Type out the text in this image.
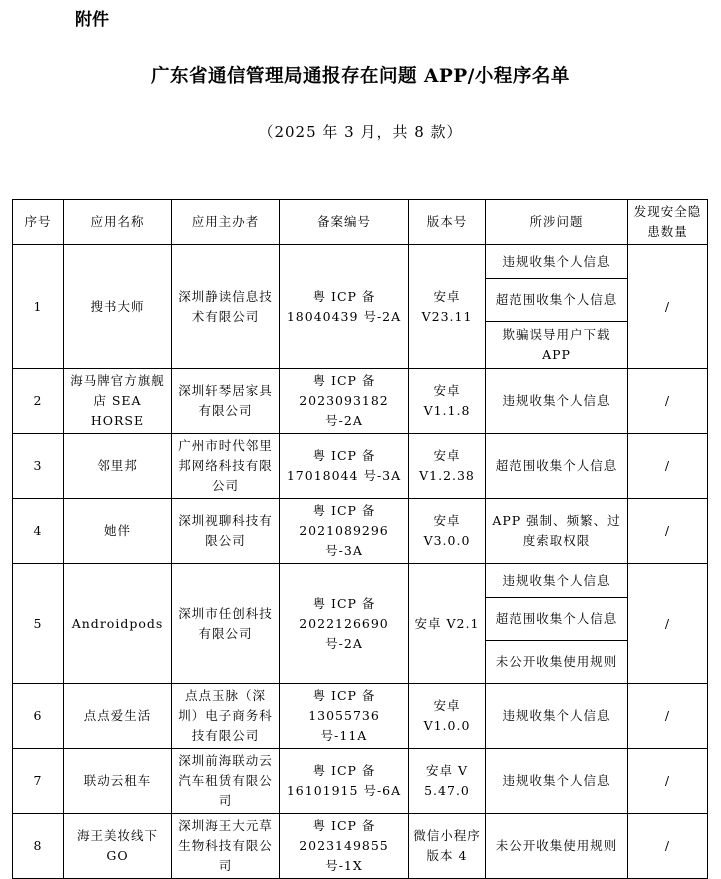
附件
广东省通信管理局通报存在问题 APP/小程序名单
（2025 年 3 月，共 8 款）
序号	应用名称	应用主办者	备案编号	版本号	所涉问题	发现安全隐患数量
1	搜书大师	深圳静读信息技术有限公司	粤 ICP 备 18040439 号-2A	安卓 V23.11	违规收集个人信息
超范围收集个人信息
欺骗误导用户下载 APP	/
2	海马牌官方旗舰店 SEA HORSE	深圳轩琴居家具有限公司	粤 ICP 备 2023093182 号-2A	安卓 V1.1.8	违规收集个人信息	/
3	邻里邦	广州市时代邻里邦网络科技有限公司	粤 ICP 备 17018044 号-3A	安卓 V1.2.38	超范围收集个人信息	/
4	她伴	深圳视聊科技有限公司	粤 ICP 备 2021089296 号-3A	安卓 V3.0.0	APP 强制、频繁、过度索取权限	/
5	Androidpods	深圳市任创科技有限公司	粤 ICP 备 2022126690 号-2A	安卓 V2.1	违规收集个人信息
超范围收集个人信息
未公开收集使用规则	/
6	点点爱生活	点点玉脉（深圳）电子商务科技有限公司	粤 ICP 备 13055736 号-11A	安卓 V1.0.0	违规收集个人信息	/
7	联动云租车	深圳前海联动云汽车租赁有限公司	粤 ICP 备 16101915 号-6A	安卓 V 5.47.0	违规收集个人信息	/
8	海王美妆线下 GO	深圳海王大元草生物科技有限公司	粤 ICP 备 2023149855 号-1X	微信小程序版本 4	未公开收集使用规则	/
